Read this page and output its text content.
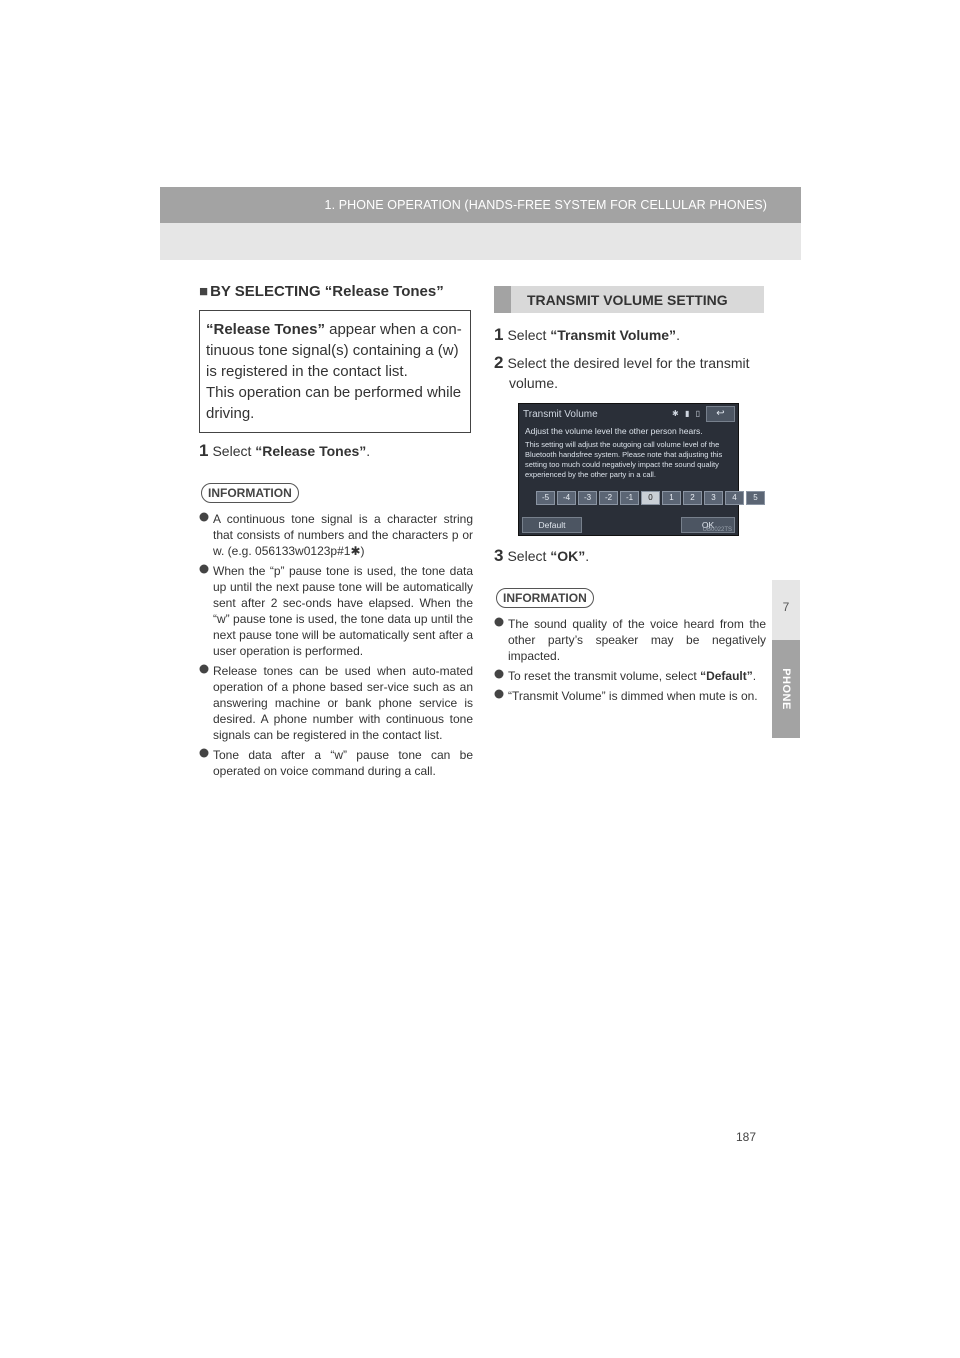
1. PHONE OPERATION (HANDS-FREE SYSTEM FOR CELLULAR PHONES)
7
PHONE
■ BY SELECTING “Release Tones”
“Release Tones” appear when a con-tinuous tone signal(s) containing a (w) is registered in the contact list.
This operation can be performed while driving.
1 Select “Release Tones”.
INFORMATION
A continuous tone signal is a character string that consists of numbers and the characters p or w. (e.g. 056133w0123p#1✱)
When the “p” pause tone is used, the tone data up until the next pause tone will be automatically sent after 2 sec-onds have elapsed. When the “w” pause tone is used, the tone data up until the next pause tone will be automatically sent after a user operation is performed.
Release tones can be used when auto-mated operation of a phone based ser-vice such as an answering machine or bank phone service is desired. A phone number with continuous tone signals can be registered in the contact list.
Tone data after a “w” pause tone can be operated on voice command during a call.
TRANSMIT VOLUME SETTING
1 Select “Transmit Volume”.
2 Select the desired level for the transmit volume.
Transmit Volume	✱ ▮ ▯	↩
Adjust the volume level the other person hears.
This setting will adjust the outgoing call volume level of the Bluetooth handsfree system. Please note that adjusting this setting too much could negatively impact the sound quality experienced by the other party in a call.
-5	-4	-3	-2	-1	0	1	2	3	4	5
Default	OK
UB0022TS
3 Select “OK”.
INFORMATION
The sound quality of the voice heard from the other party’s speaker may be negatively impacted.
To reset the transmit volume, select “Default”.
“Transmit Volume” is dimmed when mute is on.
187
